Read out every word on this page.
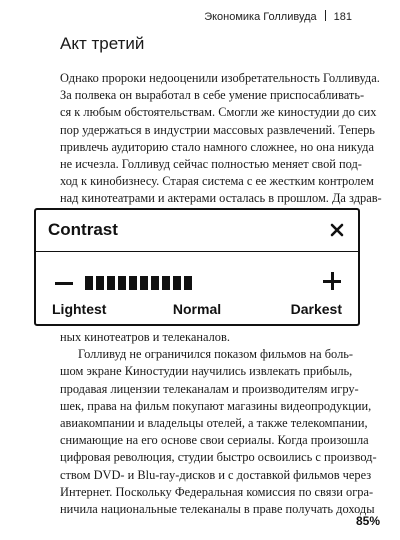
Экономика Голливуда 181
Акт третий
Однако пророки недооценили изобретательность Голливуда.
За полвека он выработал в себе умение приспосабливать-
ся к любым обстоятельствам. Смогли же киностудии до сих
пор удержаться в индустрии массовых развлечений. Теперь
привлечь аудиторию стало намного сложнее, но она никуда
не исчезла. Голливуд сейчас полностью меняет свой под-
ход к кинобизнесу. Старая система с ее жестким контролем
над кинотеатрами и актерами осталась в прошлом. Да здрав-
ных кинотеатров и телеканалов.
Голливуд не ограничился показом фильмов на боль-
шом экране Киностудии научились извлекать прибыль,
продавая лицензии телеканалам и производителям игру-
шек, права на фильм покупают магазины видеопродукции,
авиакомпании и владельцы отелей, а также телекомпании,
снимающие на его основе свои сериалы. Когда произошла
цифровая революция, студии быстро освоились с производ-
ством DVD- и Blu-ray-дисков и с доставкой фильмов через
Интернет. Поскольку Федеральная комиссия по связи огра-
ничила национальные телеканалы в праве получать доходы
Contrast
Lightest	Normal	Darkest
85%
